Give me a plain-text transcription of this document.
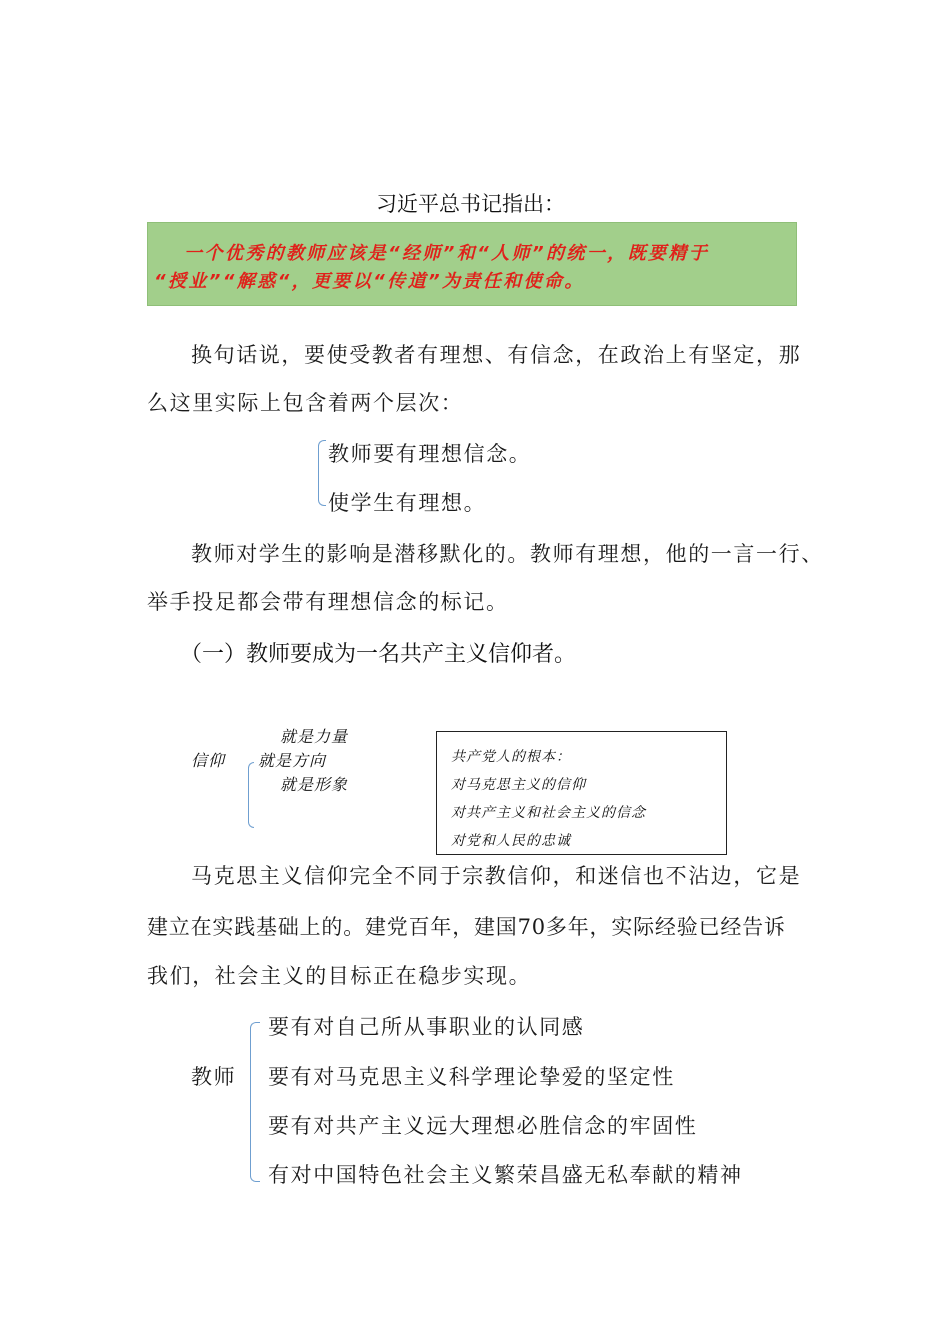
习近平总书记指出：
一个优秀的教师应该是“经师”和“人师”的统一，既要精于
“授业”“解惑“，更要以“传道”为责任和使命。
换句话说，要使受教者有理想、有信念，在政治上有坚定，那
么这里实际上包含着两个层次：
教师要有理想信念。
使学生有理想。
教师对学生的影响是潜移默化的。教师有理想，他的一言一行、
举手投足都会带有理想信念的标记。
（一）教师要成为一名共产主义信仰者。
信仰
就是力量
就是方向
就是形象
共产党人的根本：
对马克思主义的信仰
对共产主义和社会主义的信念
对党和人民的忠诚
马克思主义信仰完全不同于宗教信仰，和迷信也不沾边，它是
建立在实践基础上的。建党百年，建国70多年，实际经验已经告诉
我们，社会主义的目标正在稳步实现。
教师
要有对自己所从事职业的认同感
要有对马克思主义科学理论挚爱的坚定性
要有对共产主义远大理想必胜信念的牢固性
有对中国特色社会主义繁荣昌盛无私奉献的精神
